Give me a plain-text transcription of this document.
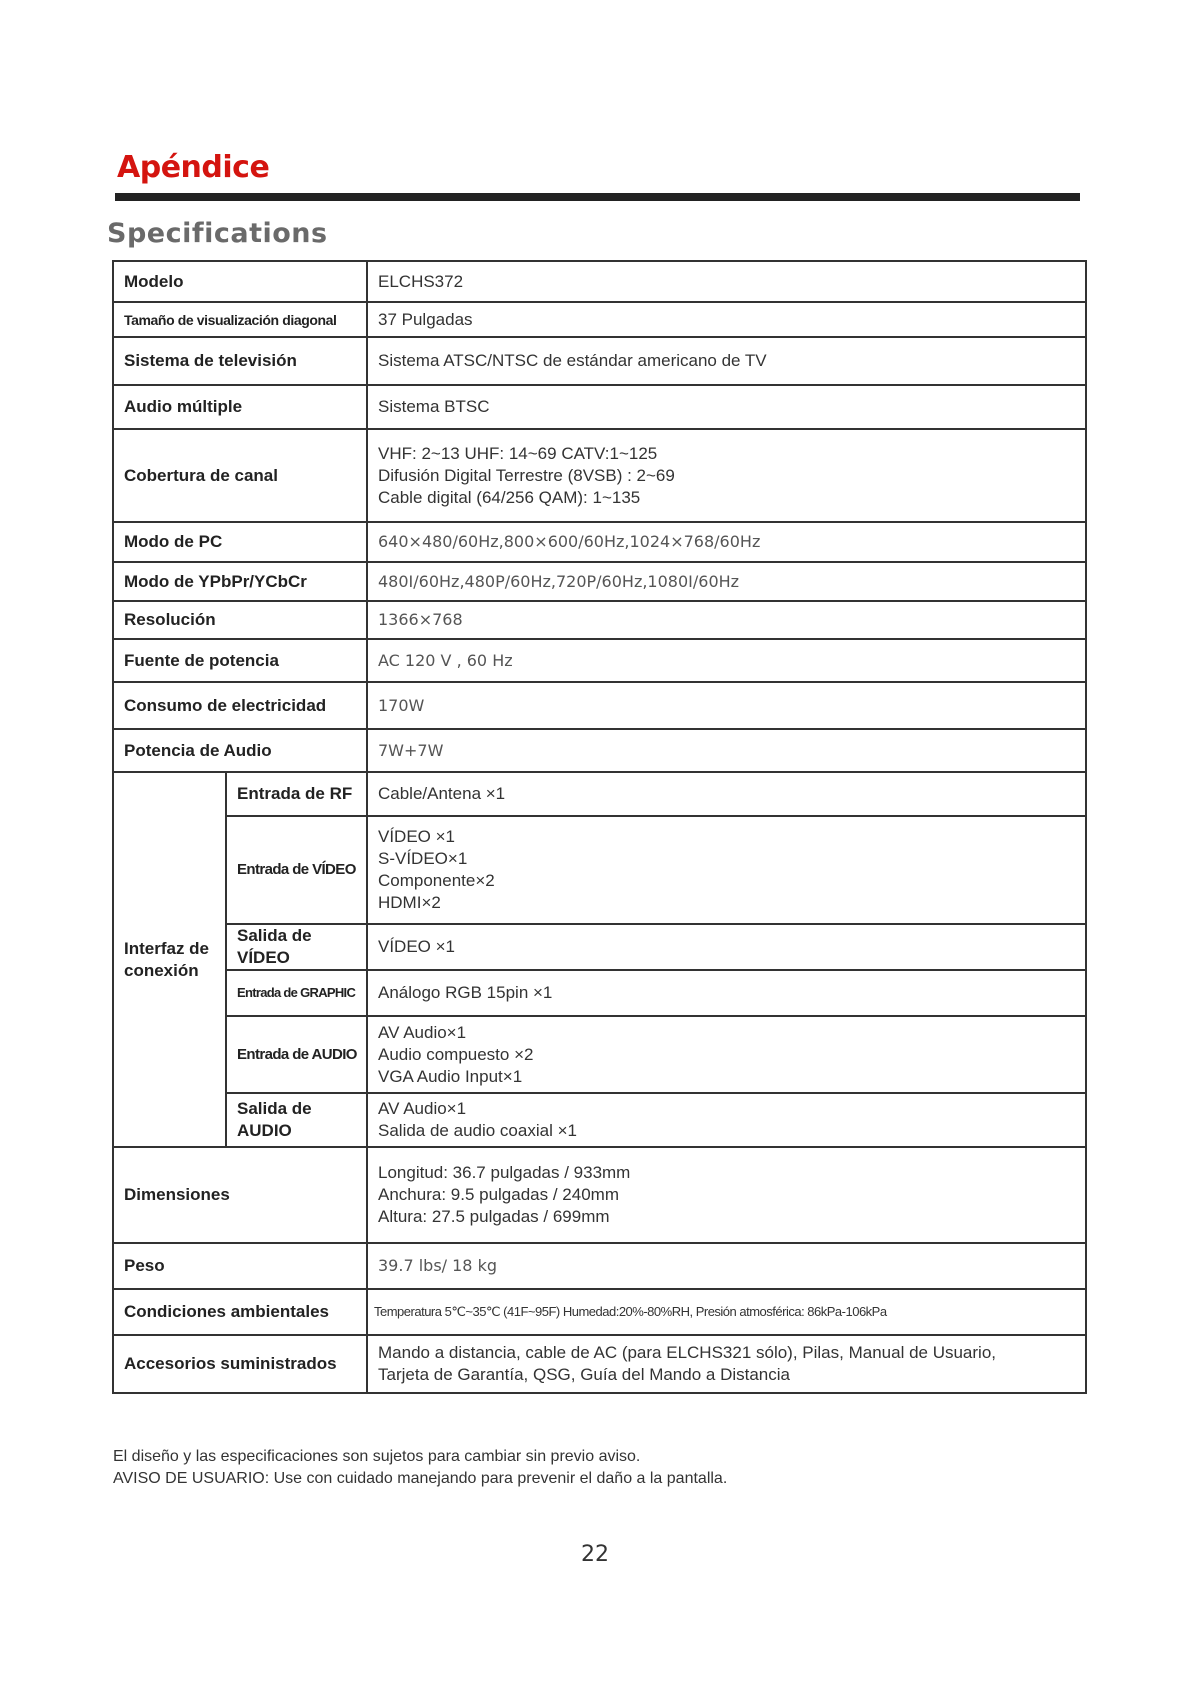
Apéndice
Specifications
Modelo		ELCHS372
Tamaño de visualización diagonal		37 Pulgadas
Sistema de televisión		Sistema ATSC/NTSC de estándar americano de TV
Audio múltiple		Sistema BTSC
Cobertura de canal		VHF: 2~13 UHF: 14~69 CATV:1~125
Difusión Digital Terrestre (8VSB) : 2~69
Cable digital (64/256 QAM): 1~135

Modo de PC		640×480/60Hz,800×600/60Hz,1024×768/60Hz
Modo de YPbPr/YCbCr		480I/60Hz,480P/60Hz,720P/60Hz,1080I/60Hz
Resolución		1366×768
Fuente de potencia		AC 120 V , 60 Hz
Consumo de electricidad		170W
Potencia de Audio		7W+7W

Interfaz de
conexión	Entrada de RF	Cable/Antena ×1

	Entrada de VÍDEO	VÍDEO ×1
S-VÍDEO×1
Componente×2
HDMI×2

	Salida de VÍDEO	VÍDEO ×1

	Entrada de GRAPHIC	Análogo RGB 15pin ×1

	Entrada de AUDIO	AV Audio×1
Audio compuesto ×2
VGA Audio Input×1

	Salida de AUDIO	AV Audio×1
Salida de audio coaxial ×1

Dimensiones		Longitud: 36.7 pulgadas / 933mm
Anchura: 9.5 pulgadas / 240mm
Altura: 27.5 pulgadas / 699mm

Peso		39.7 lbs/ 18 kg
Condiciones ambientales		Temperatura 5℃~35℃ (41F~95F) Humedad:20%-80%RH, Presión atmosférica: 86kPa-106kPa
Accesorios suministrados		Mando a distancia, cable de AC (para ELCHS321 sólo), Pilas, Manual de Usuario,
Tarjeta de Garantía, QSG, Guía del Mando a Distancia
El diseño y las especificaciones son sujetos para cambiar sin previo aviso.
AVISO DE USUARIO: Use con cuidado manejando para prevenir el daño a la pantalla.
22
